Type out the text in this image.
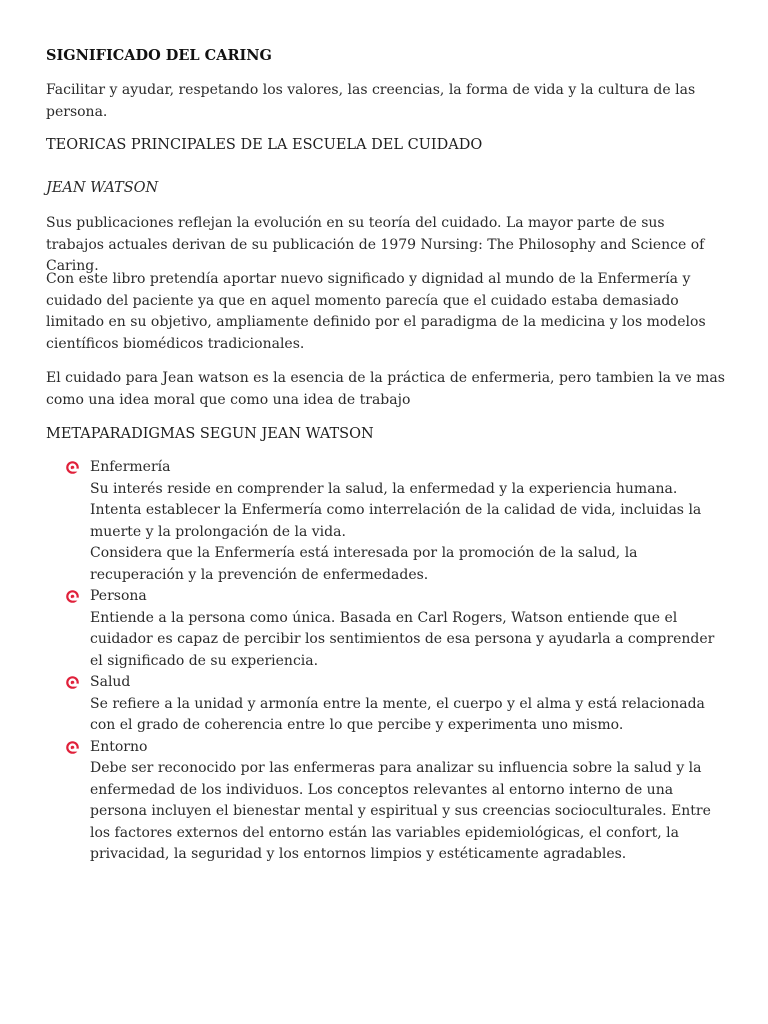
SIGNIFICADO DEL CARING
Facilitar y ayudar, respetando los valores, las creencias, la forma de vida y la cultura de las persona.
TEORICAS PRINCIPALES DE LA ESCUELA DEL CUIDADO
JEAN WATSON
Sus publicaciones reflejan la evolución en su teoría del cuidado. La mayor parte de sus trabajos actuales derivan de su publicación de 1979 Nursing: The Philosophy and Science of Caring.
Con este libro pretendía aportar nuevo significado y dignidad al mundo de la Enfermería y cuidado del paciente ya que en aquel momento parecía que el cuidado estaba demasiado limitado en su objetivo, ampliamente definido por el paradigma de la medicina y los modelos científicos biomédicos tradicionales.
El cuidado para Jean watson es la esencia de la práctica de enfermeria, pero tambien la ve mas como una idea moral que como una idea de trabajo
METAPARADIGMAS SEGUN JEAN WATSON
Enfermería
Su interés reside en comprender la salud, la enfermedad y la experiencia humana. Intenta establecer la Enfermería como interrelación de la calidad de vida, incluidas la muerte y la prolongación de la vida.
Considera que la Enfermería está interesada por la promoción de la salud, la recuperación y la prevención de enfermedades.
Persona
Entiende a la persona como única. Basada en Carl Rogers, Watson entiende que el cuidador es capaz de percibir los sentimientos de esa persona y ayudarla a comprender el significado de su experiencia.
Salud
Se refiere a la unidad y armonía entre la mente, el cuerpo y el alma y está relacionada con el grado de coherencia entre lo que percibe y experimenta uno mismo.
Entorno
Debe ser reconocido por las enfermeras para analizar su influencia sobre la salud y la enfermedad de los individuos. Los conceptos relevantes al entorno interno de una persona incluyen el bienestar mental y espiritual y sus creencias socioculturales. Entre los factores externos del entorno están las variables epidemiológicas, el confort, la privacidad, la seguridad y los entornos limpios y estéticamente agradables.
